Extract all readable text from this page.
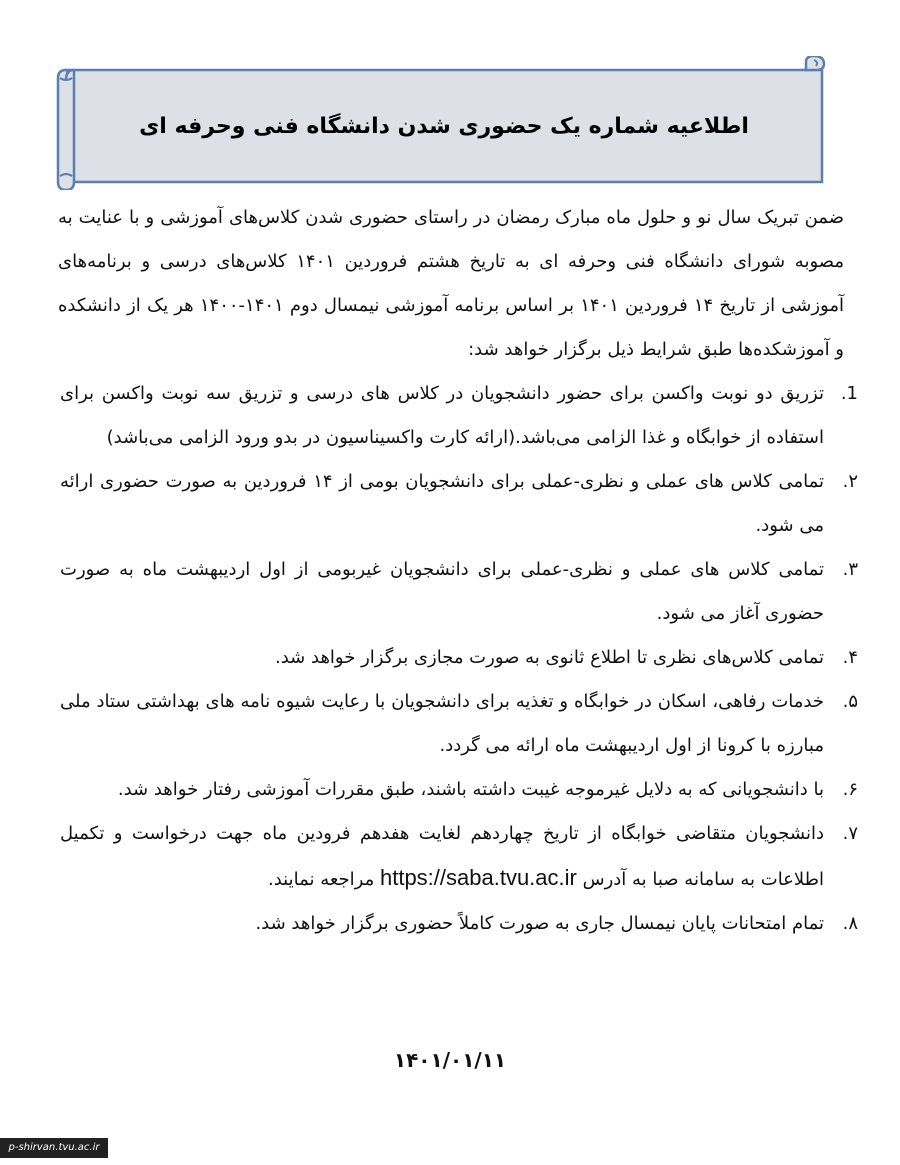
اطلاعیه شماره یک حضوری شدن دانشگاه فنی وحرفه ای
ضمن تبریک سال نو و حلول ماه مبارک رمضان در راستای حضوری شدن کلاس‌های آموزشی و با عنایت به مصوبه شورای دانشگاه فنی وحرفه ای به تاریخ هشتم فروردین ۱۴۰۱ کلاس‌های درسی و برنامه‌های آموزشی از تاریخ ۱۴ فروردین ۱۴۰۱ بر اساس برنامه آموزشی نیمسال دوم ۱۴۰۱-۱۴۰۰ هر یک از دانشکده و آموزشکده‌ها طبق شرایط ذیل برگزار خواهد شد:
.1
تزریق دو نوبت واکسن برای حضور دانشجویان در کلاس های درسی و تزریق سه نوبت واکسن برای استفاده از خوابگاه و غذا الزامی می‌باشد.(ارائه کارت واکسیناسیون در بدو ورود الزامی می‌باشد)
.۲
تمامی کلاس های عملی و نظری-عملی برای دانشجویان بومی از ۱۴ فروردین به صورت حضوری ارائه می شود.
.۳
تمامی کلاس های عملی و نظری-عملی برای دانشجویان غیربومی از اول اردیبهشت ماه به صورت حضوری آغاز می شود.
.۴
تمامی کلاس‌های نظری تا اطلاع ثانوی به صورت مجازی برگزار خواهد شد.
.۵
خدمات رفاهی، اسکان در خوابگاه و تغذیه برای دانشجویان با رعایت شیوه نامه های بهداشتی ستاد ملی مبارزه با کرونا از اول اردیبهشت ماه ارائه می گردد.
.۶
با دانشجویانی که به دلایل غیرموجه غیبت داشته باشند، طبق مقررات آموزشی رفتار خواهد شد.
.۷
دانشجویان متقاضی خوابگاه از تاریخ چهاردهم لغایت هفدهم فرودین ماه جهت درخواست و تکمیل اطلاعات به سامانه صبا به آدرس https://saba.tvu.ac.ir مراجعه نمایند.
.۸
تمام امتحانات پایان نیمسال جاری به صورت کاملاً حضوری برگزار خواهد شد.
۱۴۰۱/۰۱/۱۱
p-shirvan.tvu.ac.ir
